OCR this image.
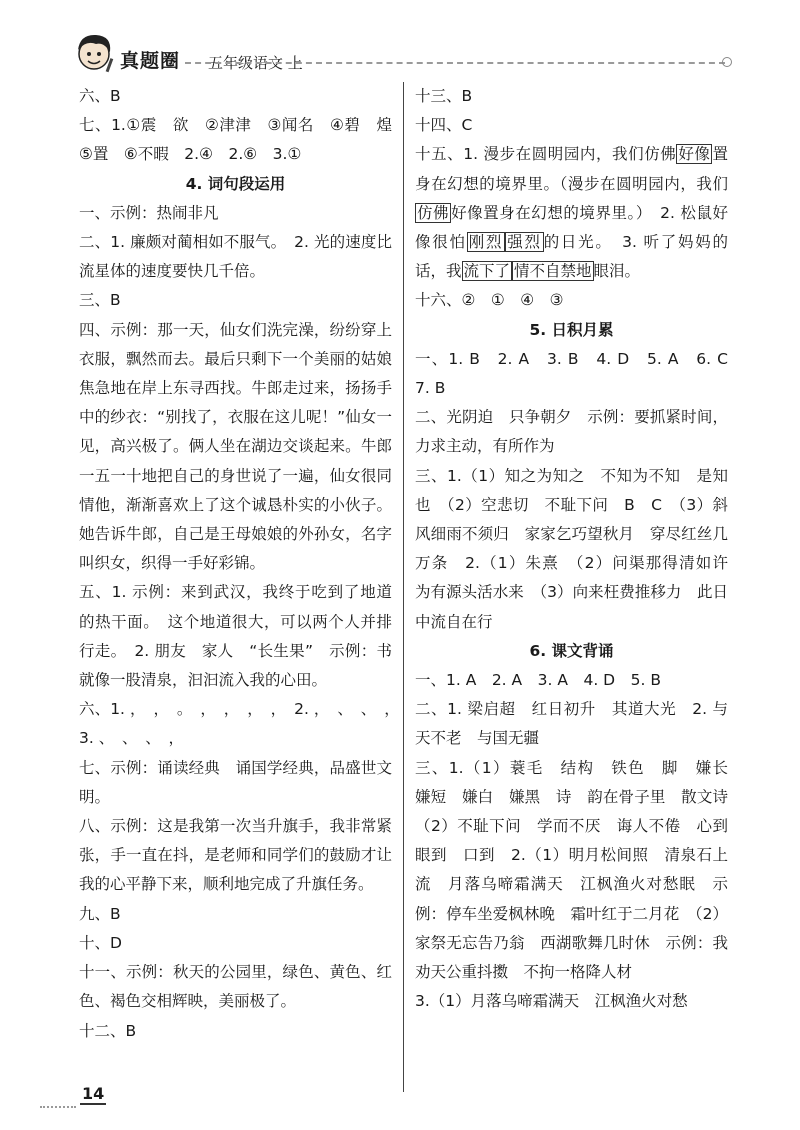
真题圈 五年级语文 上

六、B

七、1.①震　欲　②津津　③闻名　④碧　煌　⑤置　⑥不暇　2.④　2.⑥　3.①

4. 词句段运用

一、示例：热闹非凡

二、1. 廉颇对蔺相如不服气。　2. 光的速度比流星体的速度要快几千倍。

三、B

四、示例：那一天，仙女们洗完澡，纷纷穿上衣服，飘然而去。最后只剩下一个美丽的姑娘焦急地在岸上东寻西找。牛郎走过来，扬扬手中的纱衣：“别找了，衣服在这儿呢！”仙女一见，高兴极了。俩人坐在湖边交谈起来。牛郎一五一十地把自己的身世说了一遍，仙女很同情他，渐渐喜欢上了这个诚恳朴实的小伙子。她告诉牛郎，自己是王母娘娘的外孙女，名字叫织女，织得一手好彩锦。

五、1. 示例：来到武汉，我终于吃到了地道的热干面。　这个地道很大，可以两个人并排行走。　2. 朋友　家人　“长生果”　示例：书就像一股清泉，汩汩流入我的心田。

六、1. ，　，　。　，　，　，　，　2. ，　、　、　，　3. 、　、　、　，

七、示例：诵读经典　诵国学经典，品盛世文明。

八、示例：这是我第一次当升旗手，我非常紧张，手一直在抖，是老师和同学们的鼓励才让我的心平静下来，顺利地完成了升旗任务。

九、B

十、D

十一、示例：秋天的公园里，绿色、黄色、红色、褐色交相辉映，美丽极了。

十二、B

十三、B

十四、C

十五、1. 漫步在圆明园内，我们仿佛 好像 置身在幻想的境界里。（漫步在圆明园内，我们仿佛 好像置身在幻想的境界里。）　2. 松鼠好像很怕 刚烈 强烈 的日光。　3. 听了妈妈的话，我 流下了 情不自禁地 眼泪。

十六、②　①　④　③

5. 日积月累

一、1. B　2. A　3. B　4. D　5. A　6. C　7. B

二、光阴迫　只争朝夕　示例：要抓紧时间，力求主动，有所作为

三、1.（1）知之为知之　不知为不知　是知也　（2）空悲切　不耻下问　B　C　（3）斜风细雨不须归　家家乞巧望秋月　穿尽红丝几万条　2.（1）朱熹　（2）问渠那得清如许　为有源头活水来　（3）向来枉费推移力　此日中流自在行

6. 课文背诵

一、1. A　2. A　3. A　4. D　5. B

二、1. 梁启超　红日初升　其道大光　2. 与天不老　与国无疆

三、1.（1）蓑毛　结构　铁色　脚　嫌长　嫌短　嫌白　嫌黑　诗　韵在骨子里　散文诗　（2）不耻下问　学而不厌　诲人不倦　心到　眼到　口到　2.（1）明月松间照　清泉石上流　月落乌啼霜满天　江枫渔火对愁眠　示例：停车坐爱枫林晚　霜叶红于二月花　（2）家祭无忘告乃翁　西湖歌舞几时休　示例：我劝天公重抖擞　不拘一格降人材

3.（1）月落乌啼霜满天　江枫渔火对愁

14
